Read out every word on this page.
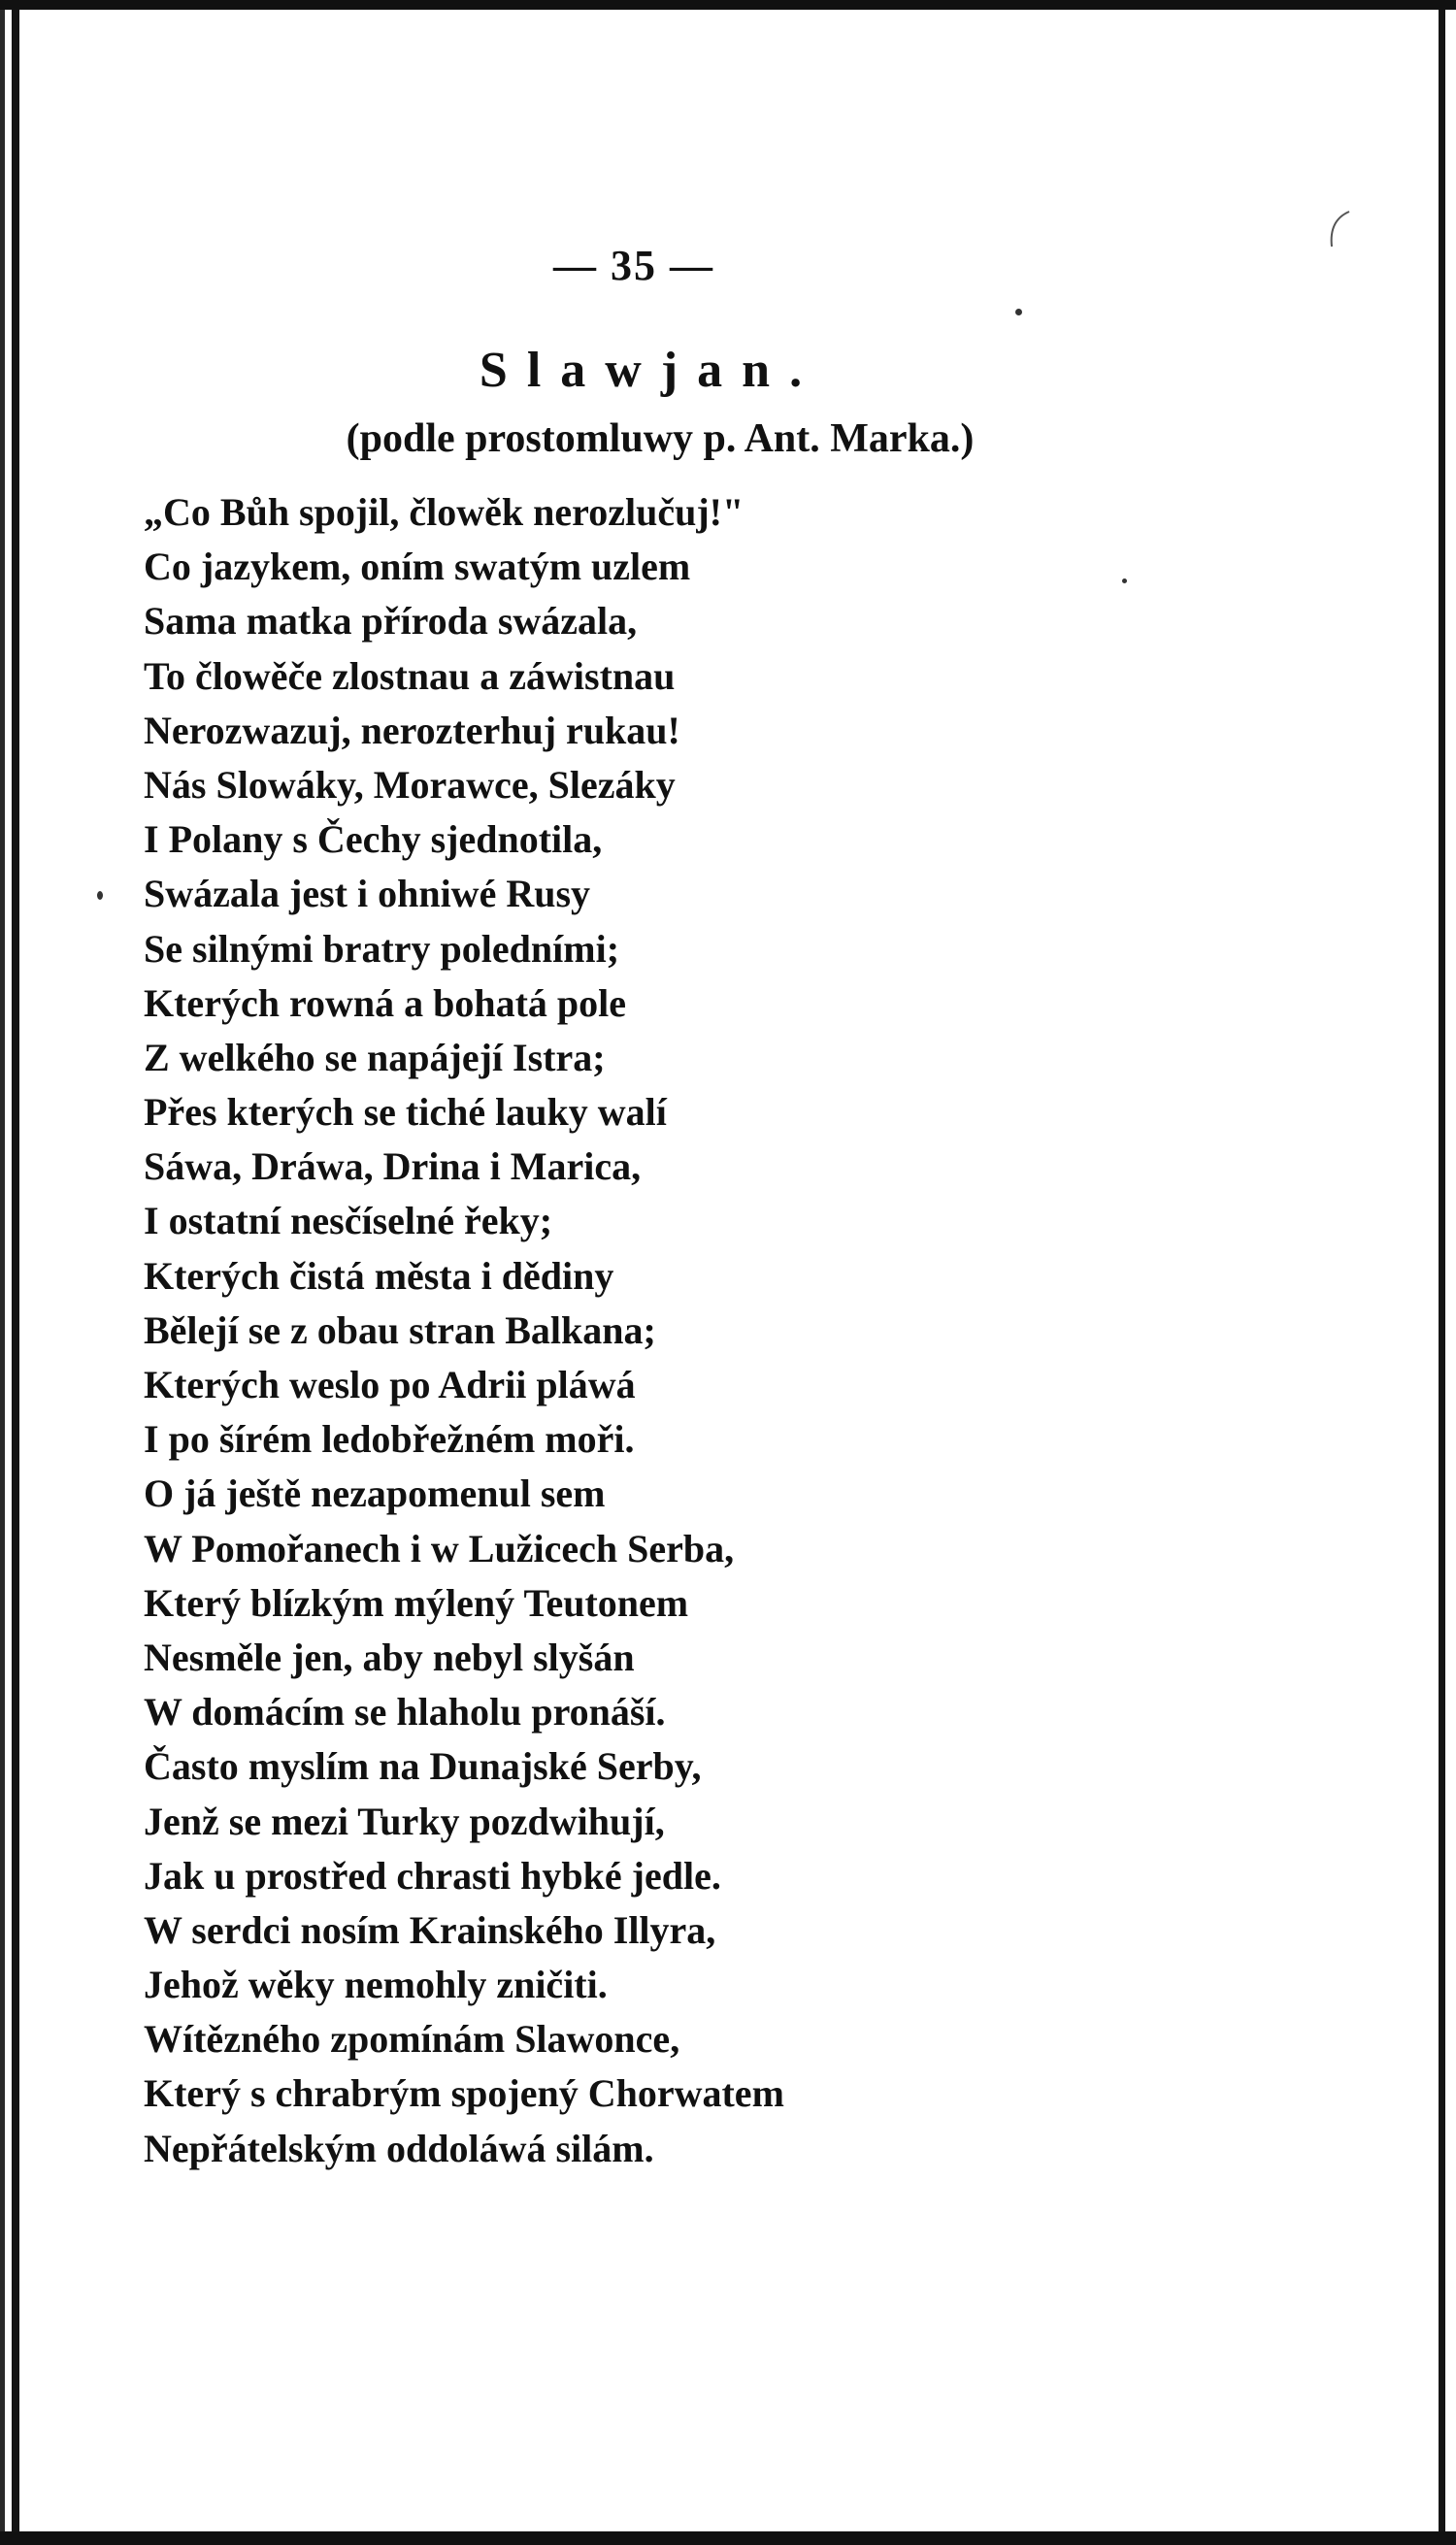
— 35 —
Slawjan.
(podle prostomluwy p. Ant. Marka.)
„Co Bůh spojil, člowěk nerozlučuj!"
Co jazykem, oním swatým uzlem
Sama matka příroda swázala,
To člowěče zlostnau a záwistnau
Nerozwazuj, nerozterhuj rukau!
Nás Slowáky, Morawce, Slezáky
I Polany s Čechy sjednotila,
Swázala jest i ohniwé Rusy
Se silnými bratry poledními;
Kterých rowná a bohatá pole
Z welkého se napájejí Istra;
Přes kterých se tiché lauky walí
Sáwa, Dráwa, Drina i Marica,
I ostatní nesčíselné řeky;
Kterých čistá města i dědiny
Bělejí se z obau stran Balkana;
Kterých weslo po Adrii pláwá
I po šírém ledobřežném moři.
O já ještě nezapomenul sem
W Pomořanech i w Lužicech Serba,
Který blízkým mýlený Teutonem
Nesměle jen, aby nebyl slyšán
W domácím se hlaholu pronáší.
Často myslím na Dunajské Serby,
Jenž se mezi Turky pozdwihují,
Jak u prostřed chrasti hybké jedle.
W serdci nosím Krainského Illyra,
Jehož wěky nemohly zničiti.
Wítězného zpomínám Slawonce,
Který s chrabrým spojený Chorwatem
Nepřátelským oddoláwá silám.
